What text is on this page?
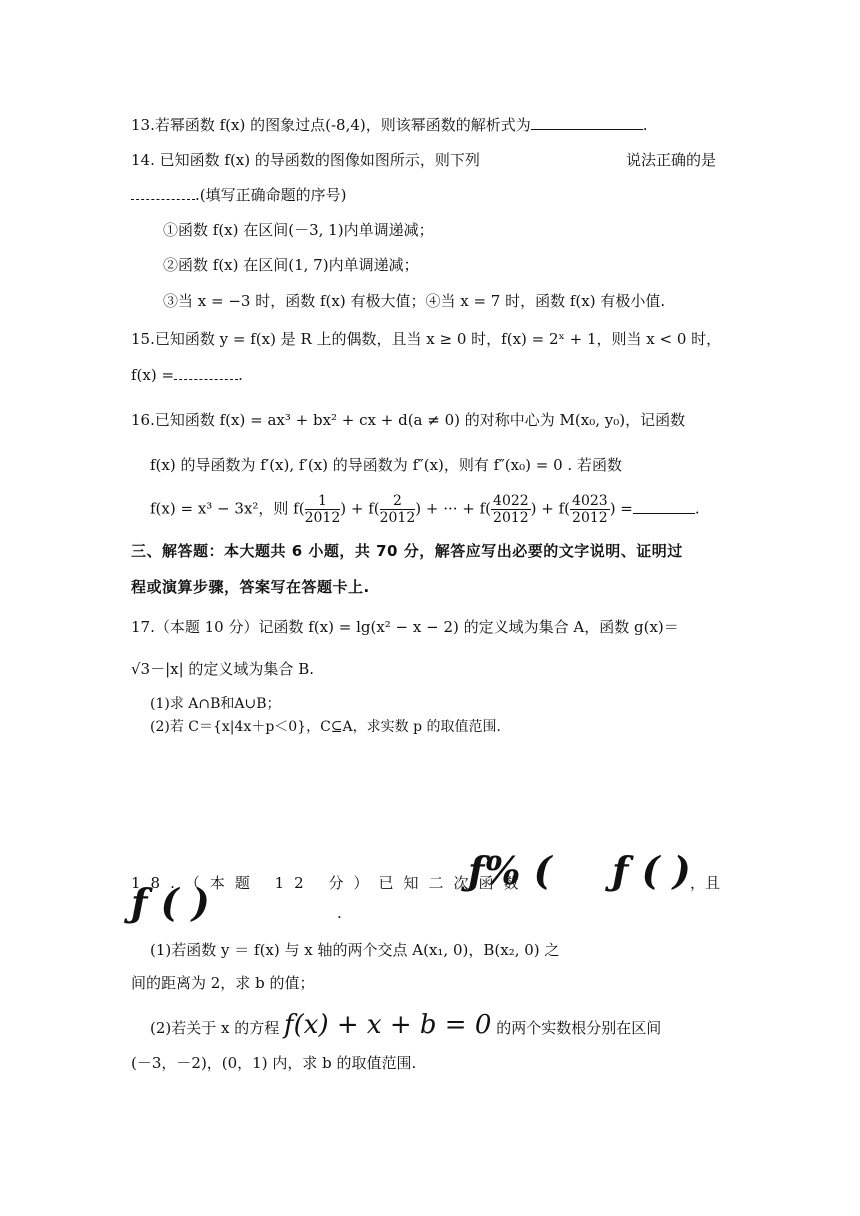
13.若幂函数 f(x) 的图象过点(-8,4)，则该幂函数的解析式为	.
14. 已知函数 f(x) 的导函数的图像如图所示，则下列	说法正确的是
.(填写正确命题的序号)
①函数 f(x) 在区间(－3, 1)内单调递减；
②函数 f(x) 在区间(1, 7)内单调递减；
③当 x = −3 时，函数 f(x) 有极大值；④当 x = 7 时，函数 f(x) 有极小值.
15.已知函数 y = f(x) 是 R 上的偶数，且当 x ≥ 0 时，f(x) = 2ˣ + 1，则当 x < 0 时，
f(x) =	.
16.已知函数 f(x) = ax³ + bx² + cx + d(a ≠ 0) 的对称中心为 M(x₀, y₀)，记函数
f(x) 的导函数为 f′(x), f′(x) 的导函数为 f″(x)，则有 f″(x₀) = 0 . 若函数
f(x) = x³ − 3x²，则 $f( \frac{1}{2012}$ ) + $f( \frac{2}{2012}$ ) + ··· + $f( \frac{4022}{2012}$ ) + $f( \frac{4023}{2012}$ ) =	.
三、解答题：本大题共 6 小题，共 70 分，解答应写出必要的文字说明、证明过
程或演算步骤，答案写在答题卡上.
17.（本题 10 分）记函数 f(x) = lg(x² − x − 2) 的定义域为集合 A，函数 g(x)＝
√3－|x| 的定义域为集合 B.
(1)求 A∩B和A∪B；
(2)若 C＝{x|4x＋p＜0}，C⊆A，求实数 p 的取值范围.
18.（本题 12 分）已知二次函数
ƒ% ( ƒ ( )
ƒ ( )	，且
.
(1)若函数 y ＝ f(x) 与 x 轴的两个交点 A(x₁, 0)，B(x₂, 0) 之
间的距离为 2，求 b 的值；
(2)若关于 x 的方程 f(x) + x + b = 0 的两个实数根分别在区间
(－3，－2)，(0，1) 内，求 b 的取值范围.
